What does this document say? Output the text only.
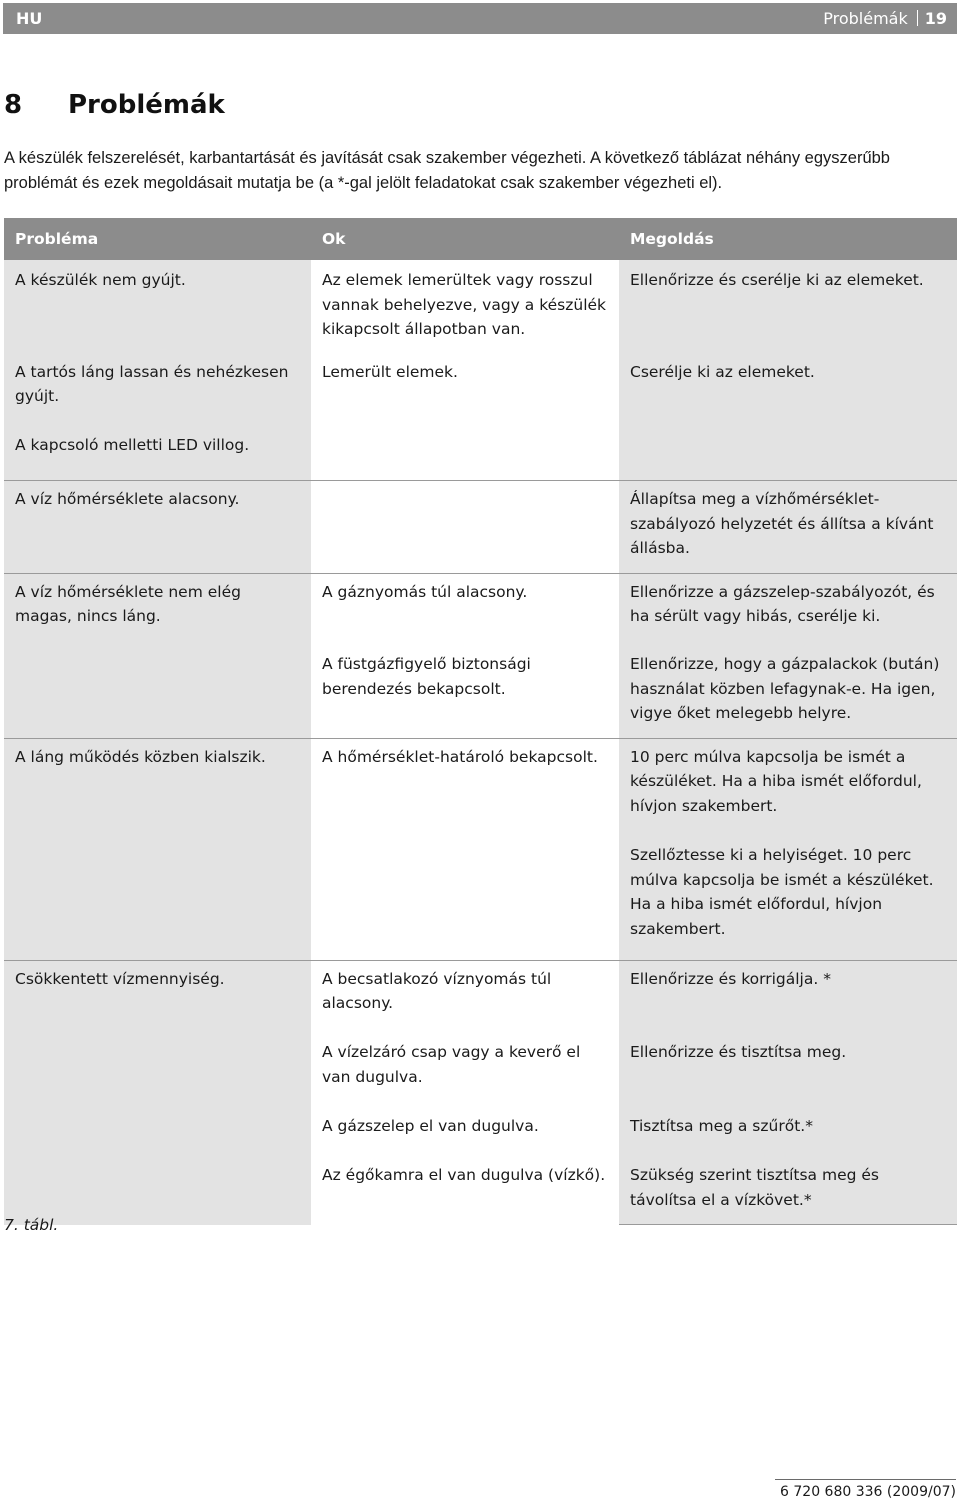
HU	Problémák 19
8 Problémák

A készülék felszerelését, karbantartását és javítását csak szakember végezheti. A következő táblázat néhány egyszerűbb problémát és ezek megoldásait mutatja be (a *-gal jelölt feladatokat csak szakember végezheti el).

Probléma	Ok	Megoldás
A készülék nem gyújt.	Az elemek lemerültek vagy rosszul vannak behelyezve, vagy a készülék kikapcsolt állapotban van.	Ellenőrizze és cserélje ki az elemeket.
A tartós láng lassan és nehézkesen gyújt.	Lemerült elemek.	Cserélje ki az elemeket.
A kapcsoló melletti LED villog.		
A víz hőmérséklete alacsony.		Állapítsa meg a vízhőmérséklet-szabályozó helyzetét és állítsa a kívánt állásba.
A víz hőmérséklete nem elég magas, nincs láng.	A gáznyomás túl alacsony.	Ellenőrizze a gázszelep-szabályozót, és ha sérült vagy hibás, cserélje ki.
	A füstgázfigyelő biztonsági berendezés bekapcsolt.	Ellenőrizze, hogy a gázpalackok (bután) használat közben lefagynak-e. Ha igen, vigye őket melegebb helyre.
A láng működés közben kialszik.	A hőmérséklet-határoló bekapcsolt.	10 perc múlva kapcsolja be ismét a készüléket. Ha a hiba ismét előfordul, hívjon szakembert.
		Szellőztesse ki a helyiséget. 10 perc múlva kapcsolja be ismét a készüléket. Ha a hiba ismét előfordul, hívjon szakembert.
Csökkentett vízmennyiség.	A becsatlakozó víznyomás túl alacsony.	Ellenőrizze és korrigálja. *
	A vízelzáró csap vagy a keverő el van dugulva.	Ellenőrizze és tisztítsa meg.
	A gázszelep el van dugulva.	Tisztítsa meg a szűrőt.*
	Az égőkamra el van dugulva (vízkő).	Szükség szerint tisztítsa meg és távolítsa el a vízkövet.*
7. tábl.
6 720 680 336 (2009/07)
